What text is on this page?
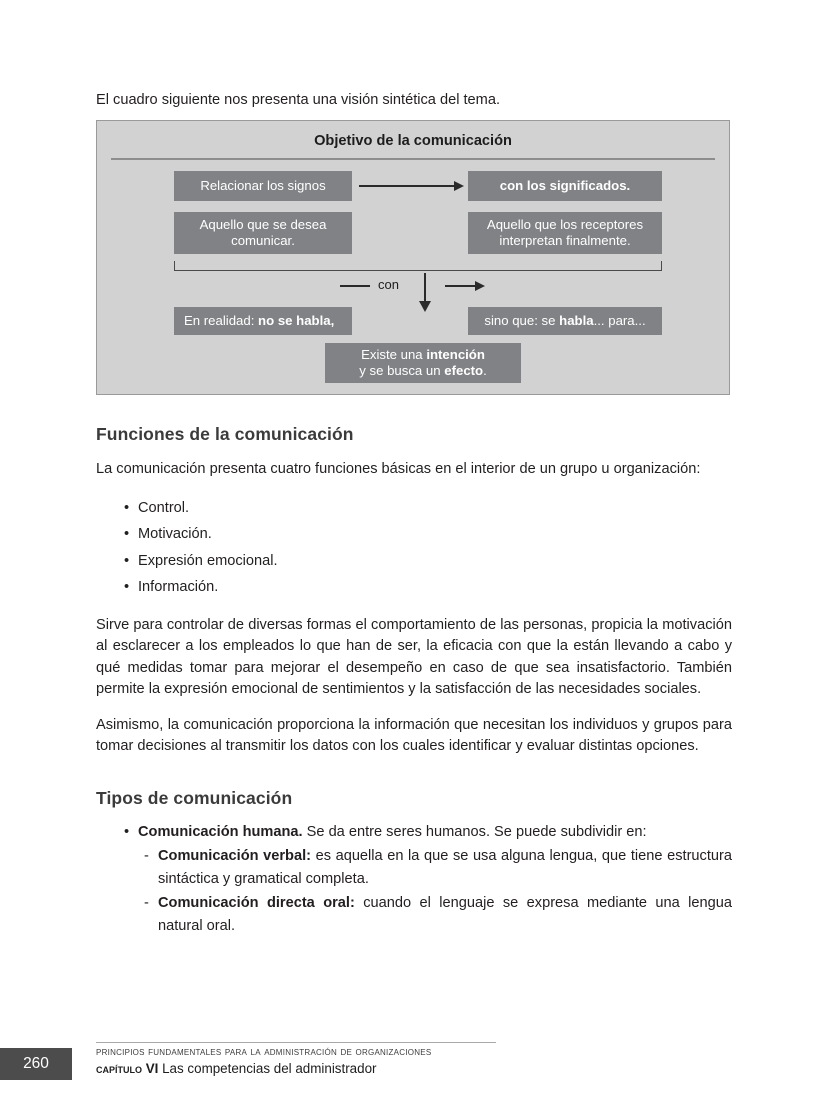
El cuadro siguiente nos presenta una visión sintética del tema.

Objetivo de la comunicación
Relacionar los signos	con los significados.
Aquello que se desea
comunicar.
Aquello que los receptores
interpretan finalmente.
con
En realidad: no se habla,	sino que: se habla... para...
Existe una intención
y se busca un efecto.
Funciones de la comunicación

La comunicación presenta cuatro funciones básicas en el interior de un grupo u organización:

• Control.
• Motivación.
• Expresión emocional.
• Información.

Sirve para controlar de diversas formas el comportamiento de las personas, propicia la motivación al esclarecer a los empleados lo que han de ser, la eficacia con que la están llevando a cabo y qué medidas tomar para mejorar el desempeño en caso de que sea insatisfactorio. También permite la expresión emocional de sentimientos y la satisfacción de las necesidades sociales.

Asimismo, la comunicación proporciona la información que necesitan los individuos y grupos para tomar decisiones al transmitir los datos con los cuales identificar y evaluar distintas opciones.

Tipos de comunicación
• Comunicación humana. Se da entre seres humanos. Se puede subdividir en:
- Comunicación verbal: es aquella en la que se usa alguna lengua, que tiene estructura sintáctica y gramatical completa.
- Comunicación directa oral: cuando el lenguaje se expresa mediante una lengua natural oral.
260
principios fundamentales para la administración de organizaciones
capítulo VI Las competencias del administrador
